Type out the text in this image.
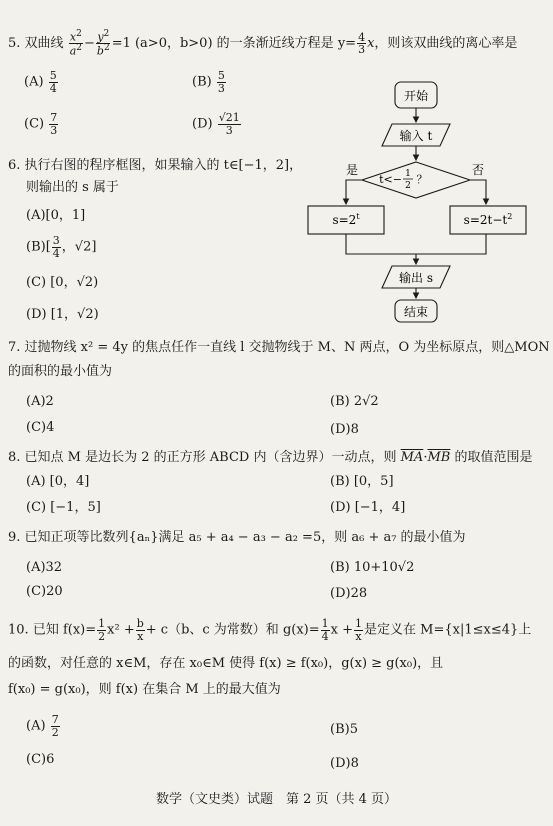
5. 双曲线 $\frac{x^2}{a^2} - \frac{y^2}{b^2} =1$ (a>0，b>0) 的一条渐近线方程是 $y= \frac{4}{3}$ x，则该双曲线的离心率是
$(A) \frac{5}{4}$	$(B) \frac{5}{3}$
$(C) \frac{7}{3}$	$(D) \frac{√21}{3}$
6. 执行右图的程序框图，如果输入的 t∈[−1，2]，
则输出的 s 属于
(A)[0，1]
$(B)[ \frac{3}{4}$ ，√2]
(C) [0，√2)
(D) [1，√2)
开始
输入 t
t<− 1
2 ？
是	否
$s=2^t$	$s=2t-t^2$
输出 s
结束
7. 过抛物线 x² = 4y 的焦点任作一直线 l 交抛物线于 M、N 两点，O 为坐标原点，则△MON
的面积的最小值为
(A)2	(B) 2√2
(C)4	(D)8
8. 已知点 M 是边长为 2 的正方形 ABCD 内（含边界）一动点，则 $\overline{MA}\cdot\overline{MB}$ 的取值范围是
(A) [0，4]	(B) [0，5]
(C) [−1，5]	(D) [−1，4]
9. 已知正项等比数列{aₙ}满足 a₅ + a₄ − a₃ − a₂ =5，则 a₆ + a₇ 的最小值为
(A)32	(B) 10+10√2
(C)20	(D)28
10. 已知 $f(x)= \frac{1}{2} x^2 + \frac{b}{x} + c(b$、c 为常数）和 $g(x)= \frac{1}{4}$ $x + \frac{1}{x}$ 是定义在 M={x|1≤x≤4}上
的函数，对任意的 x∈M，存在 x₀∈M 使得 f(x) ≥ f(x₀)，g(x) ≥ g(x₀)，且
f(x₀) = g(x₀)，则 f(x) 在集合 M 上的最大值为
$(A) \frac{7}{2}$	(B)5
(C)6	(D)8
数学（文史类）试题　第 2 页（共 4 页）
